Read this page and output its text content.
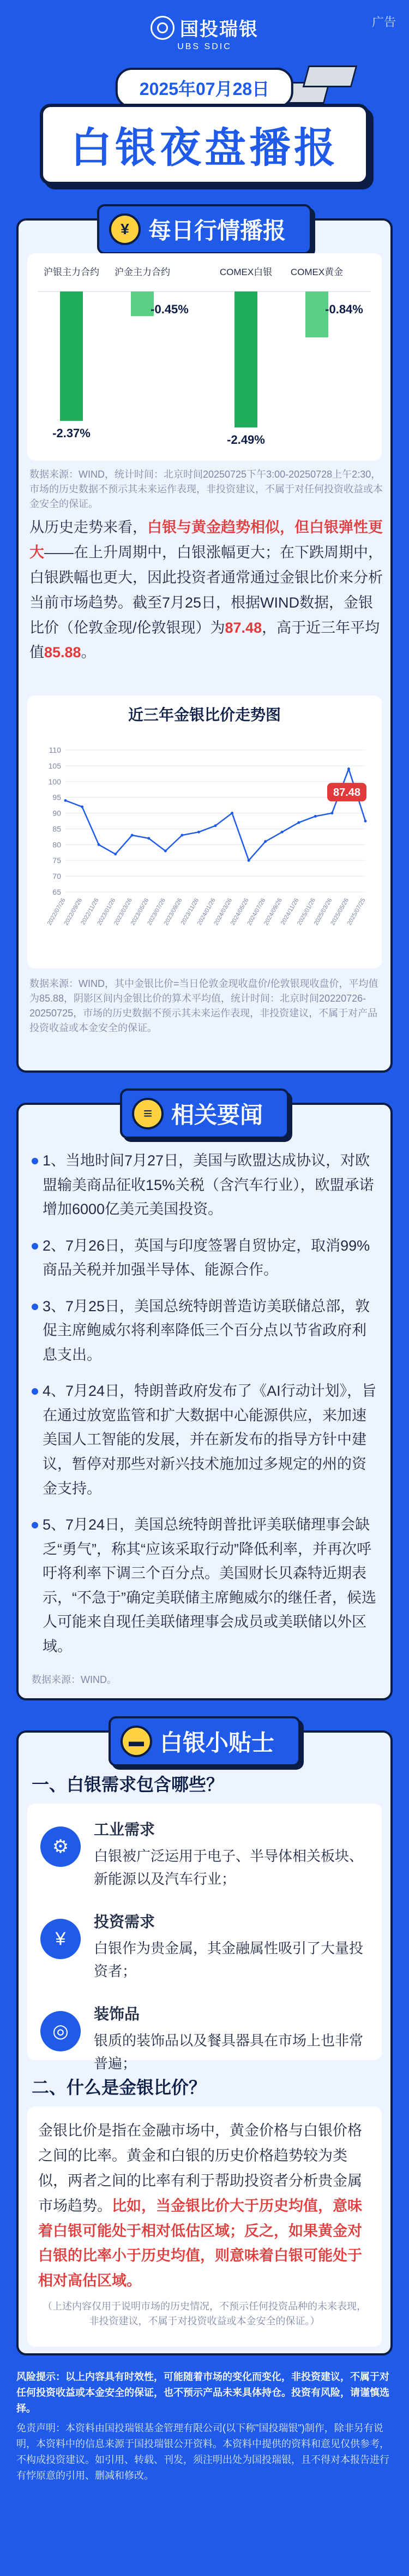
广告
国投瑞银
UBS SDIC
2025年07月28日
白银夜盘播报
¥ 每日行情播报
沪银主力合约
-2.37%
沪金主力合约
-0.45%
COMEX白银
-2.49%
COMEX黄金
-0.84%
数据来源：WIND，统计时间：北京时间20250725下午3:00-20250728上午2:30，市场的历史数据不预示其未来运作表现，非投资建议，不属于对任何投资收益或本金安全的保证。
从历史走势来看，白银与黄金趋势相似，但白银弹性更大——在上升周期中，白银涨幅更大；在下跌周期中，白银跌幅也更大，因此投资者通常通过金银比价来分析当前市场趋势。截至7月25日，根据WIND数据，金银比价（伦敦金现/伦敦银现）为87.48，高于近三年平均值85.88。
近三年金银比价走势图
65
70
75
80
85
90
95
100
105
110
2022/07/26
2022/09/26
2022/11/26
2023/01/26
2023/03/26
2023/05/26
2023/07/26
2023/09/26
2023/11/26
2024/01/26
2024/03/26
2024/05/26
2024/07/26
2024/09/26
2024/11/26
2025/01/26
2025/03/26
2025/05/26
2025/07/25
87.48
数据来源：WIND，其中金银比价=当日伦敦金现收盘价/伦敦银现收盘价，平均值为85.88，阴影区间内金银比价的算术平均值，统计时间：北京时间20220726-20250725，市场的历史数据不预示其未来运作表现，非投资建议，不属于对产品投资收益或本金安全的保证。
≡ 相关要闻
1、当地时间7月27日，美国与欧盟达成协议，对欧盟输美商品征收15%关税（含汽车行业），欧盟承诺增加6000亿美元美国投资。
2、7月26日，英国与印度签署自贸协定，取消99%商品关税并加强半导体、能源合作。
3、7月25日，美国总统特朗普造访美联储总部，敦促主席鲍威尔将利率降低三个百分点以节省政府利息支出。
4、7月24日，特朗普政府发布了《AI行动计划》，旨在通过放宽监管和扩大数据中心能源供应，来加速美国人工智能的发展，并在新发布的指导方针中建议，暂停对那些对新兴技术施加过多规定的州的资金支持。
5、7月24日，美国总统特朗普批评美联储理事会缺乏“勇气”，称其“应该采取行动”降低利率，并再次呼吁将利率下调三个百分点。美国财长贝森特近期表示，“不急于”确定美联储主席鲍威尔的继任者，候选人可能来自现任美联储理事会成员或美联储以外区域。
数据来源：WIND。
▬ 白银小贴士
一、白银需求包含哪些？
⚙
工业需求
白银被广泛运用于电子、半导体相关板块、新能源以及汽车行业；
¥
投资需求
白银作为贵金属，其金融属性吸引了大量投资者；
◎
装饰品
银质的装饰品以及餐具器具在市场上也非常普遍；
二、什么是金银比价？
金银比价是指在金融市场中，黄金价格与白银价格之间的比率。黄金和白银的历史价格趋势较为类似，两者之间的比率有利于帮助投资者分析贵金属市场趋势。比如，当金银比价大于历史均值，意味着白银可能处于相对低估区域；反之，如果黄金对白银的比率小于历史均值，则意味着白银可能处于相对高估区域。
（上述内容仅用于说明市场的历史情况，不预示任何投资品种的未来表现，非投资建议，不属于对投资收益或本金安全的保证。）

风险提示：以上内容具有时效性，可能随着市场的变化而变化，非投资建议，不属于对任何投资收益或本金安全的保证，也不预示产品未来具体持仓。投资有风险，请谨慎选择。

免责声明：本资料由国投瑞银基金管理有限公司(以下称"国投瑞银")制作，除非另有说明，本资料中的信息来源于国投瑞银公开资料。本资料中提供的资料和意见仅供参考，不构成投资建议。如引用、转载、刊发，须注明出处为国投瑞银，且不得对本报告进行有悖原意的引用、删减和修改。
